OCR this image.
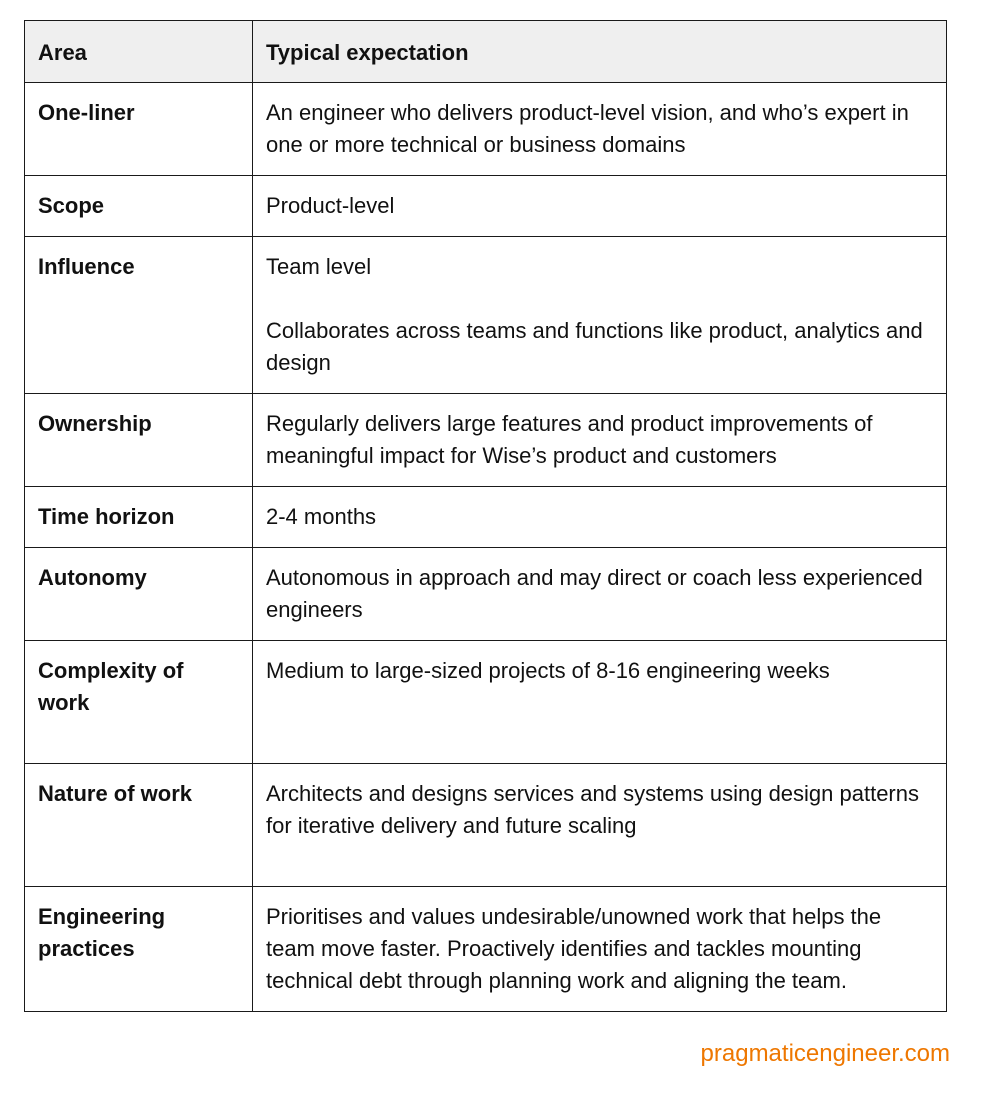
Area	Typical expectation
One-liner	An engineer who delivers product-level vision, and who’s expert in one or more technical or business domains

Scope	Product-level

Influence	Team level
Collaborates across teams and functions like product, analytics and design

Ownership	Regularly delivers large features and product improvements of meaningful impact for Wise’s product and customers

Time horizon	2-4 months

Autonomy	Autonomous in approach and may direct or coach less experienced engineers

Complexity of work	Medium to large-sized projects of 8-16 engineering weeks

Nature of work	Architects and designs services and systems using design patterns for iterative delivery and future scaling

Engineering practices	Prioritises and values undesirable/unowned work that helps the team move faster. Proactively identifies and tackles mounting technical debt through planning work and aligning the team.
pragmaticengineer.com
